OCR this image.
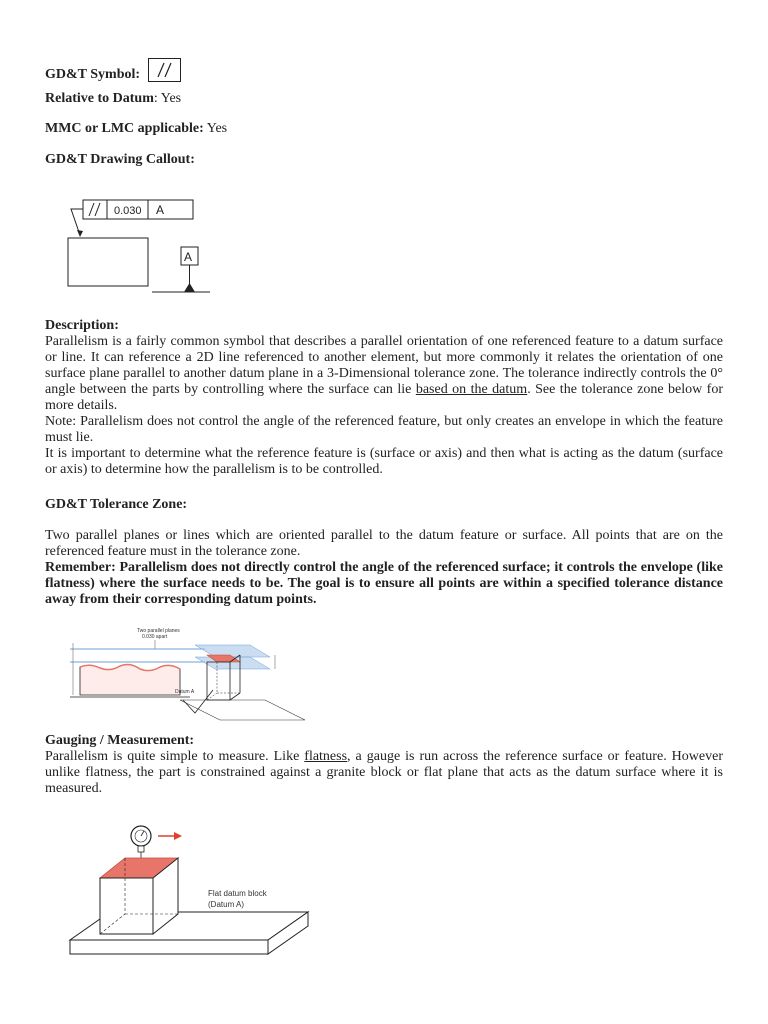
GD&T Symbol:
Relative to Datum: Yes
MMC or LMC applicable: Yes
GD&T Drawing Callout:
0.030 A
A
Description:
Parallelism is a fairly common symbol that describes a parallel orientation of one referenced feature to a datum surface or line. It can reference a 2D line referenced to another element, but more commonly it relates the orientation of one surface plane parallel to another datum plane in a 3-Dimensional tolerance zone. The tolerance indirectly controls the 0° angle between the parts by controlling where the surface can lie based on the datum. See the tolerance zone below for more details.
Note: Parallelism does not control the angle of the referenced feature, but only creates an envelope in which the feature must lie.
It is important to determine what the reference feature is (surface or axis) and then what is acting as the datum (surface or axis) to determine how the parallelism is to be controlled.
GD&T Tolerance Zone:
Two parallel planes or lines which are oriented parallel to the datum feature or surface. All points that are on the referenced feature must in the tolerance zone.
Remember: Parallelism does not directly control the angle of the referenced surface; it controls the envelope (like flatness) where the surface needs to be. The goal is to ensure all points are within a specified tolerance distance away from their corresponding datum points.
Two parallel planes
0.030 apart
Datum A
Gauging / Measurement:
Parallelism is quite simple to measure. Like flatness, a gauge is run across the reference surface or feature. However unlike flatness, the part is constrained against a granite block or flat plane that acts as the datum surface where it is measured.
Flat datum block
(Datum A)
